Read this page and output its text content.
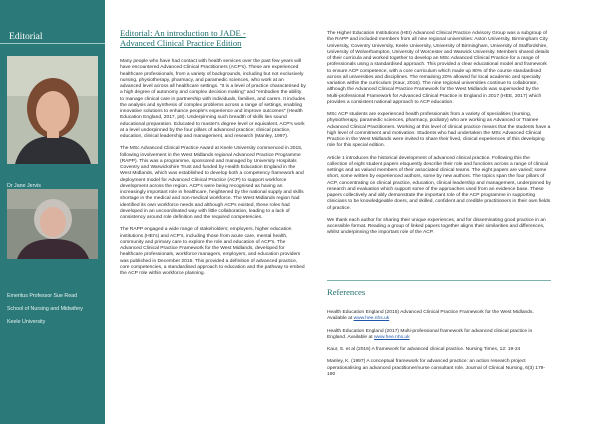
Editorial
Dr Jane Jervis
Emeritus Professor Sue Read
School of Nursing and Midwifery
Keele University
Editorial: An introduction to JADE -
Advanced Clinical Practice Edition

Many people who have had contact with health services over the past few years will have encountered Advanced Clinical Practitioners (ACP's). These are experienced healthcare professionals, from a variety of backgrounds, including but not exclusively nursing, physiotherapy, pharmacy, and paramedic sciences, who work at an advanced level across all healthcare settings. "It is a level of practice characterised by a high degree of autonomy and complex decision making" and "embodies the ability to manage clinical care in partnership with individuals, families, and carers. It includes the analysis and synthesis of complex problems across a range of settings, enabling innovative solutions to enhance people's experience and improve outcomes" (Health Education England, 2017, p8). Underpinning such breadth of skills lies sound educational preparation. Educated to master's degree level or equivalent, ACP's work at a level underpinned by the four pillars of advanced practice; clinical practice, education, clinical leadership and management, and research (Manley, 1997).

The MSc Advanced Clinical Practice Award at Keele University commenced in 2015, following involvement in the West Midlands regional Advanced Practice Programme (RAPP). This was a programme, sponsored and managed by University Hospitals Coventry and Warwickshire Trust and funded by Health Education England in the West Midlands, which was established to develop both a competency framework and deployment model for Advanced Clinical Practice (ACP) to support workforce development across the region. ACP's were being recognised as having an increasingly important role in healthcare, heightened by the national supply and skills shortage in the medical and non-medical workforce. The West Midlands region had identified its own workforce needs and although ACPs existed, these roles had developed in an uncoordinated way with little collaboration, leading to a lack of consistency around role definition and the required competencies.

The RAPP engaged a wide range of stakeholders; employers, higher education institutions (HEI's) and ACP's, including those from acute care, mental health, community and primary care to explore the role and education of ACP's. The Advanced Clinical Practice Framework for the West Midlands, developed for healthcare professionals, workforce managers, employers, and education providers was published in December 2015. This provided a definition of advanced practice, core competencies, a standardised approach to education and the pathway to embed the ACP role within workforce planning.

The Higher Education Institutions (HEI) Advanced Clinical Practice Advisory Group was a subgroup of the RAPP and included members from all nine regional universities: Aston University, Birmingham City University, Coventry University, Keele University, University of Birmingham, University of Staffordshire, University of Wolverhampton, University of Worcester and Warwick University. Members shared details of their curricula and worked together to develop an MSc Advanced Clinical Practice for a range of professionals using a standardised approach. This provided a clear educational model and framework to ensure ACP competence, with a core curriculum which made up 80% of the course standardised across all universities and disciplines. The remaining 20% allowed for local academic and specialty variation within the curriculum (Kaur, 2016). The nine regional universities continue to collaborate, although the Advanced Clinical Practice Framework for the West Midlands was superseded by the Multi-professional Framework for Advanced Clinical Practice in England in 2017 (HEE, 2017) which provides a consistent national approach to ACP education.

MSc ACP students are experienced health professionals from a variety of specialities (nursing, physiotherapy, paramedic sciences, pharmacy, podiatry) who are working as Advanced or Trainee Advanced Clinical Practitioners. Working at this level of clinical practice means that the students have a high level of commitment and motivation. Students who had undertaken the MSc Advanced Clinical Practice in the West Midlands were invited to share their lived, clinical experiences of this developing role for this special edition.

Article 1 introduces the historical development of advanced clinical practice. Following this the collection of eight student papers eloquently describe their role and functions across a range of clinical settings and as valued members of their associated clinical teams. The eight papers are varied; some short, some written by experienced authors, some by new authors. The topics span the four pillars of ACP, concentrating on clinical practice, education, clinical leadership and management, underpinned by research and evaluation which support some of the approaches used from an evidence base. These papers collectively and ably demonstrate the important role of the ACP programme in supporting clinicians to be knowledgeable doers, and skilled, confident and credible practitioners in their own fields of practice.

We thank each author for sharing their unique experiences, and for disseminating good practice in an accessible format. Reading a group of linked papers together aligns their similarities and differences, whilst underpinning the important role of the ACP.

References

Health Education England (2015) Advanced Clinical Practice Framework for the West Midlands. Available at www.hee.nhs.uk

Health Education England (2017) Multi-professional framework for advanced clinical practice in England. Available at www.hee.nhs.uk

Kaur, S. et al (2016) A framework for advanced clinical practice. Nursing Times, 12: 19-24

Manley, K. (1997) A conceptual framework for advanced practice: an action research project operationalising an advanced practitioner/nurse consultant role. Journal of Clinical Nursing, 6(3) 179-190
